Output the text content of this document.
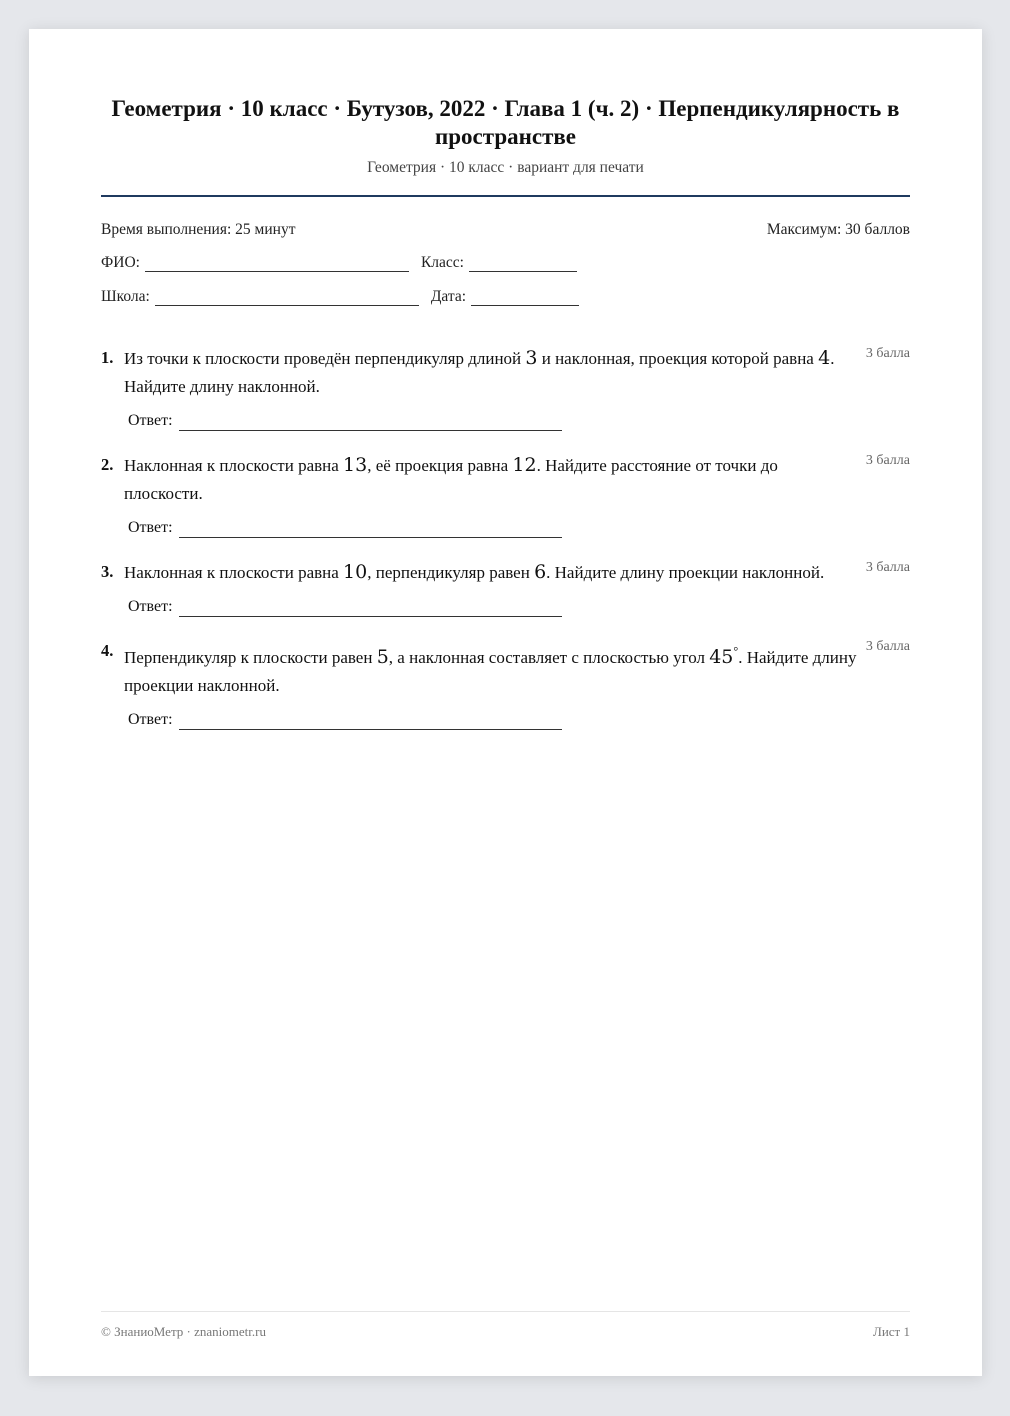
Геометрия · 10 класс · Бутузов, 2022 · Глава 1 (ч. 2) · Перпендикулярность в пространстве
Геометрия · 10 класс · вариант для печати
Время выполнения: 25 минут	Максимум: 30 баллов
ФИО:	Класс:
Школа:	Дата:
1. Из точки к плоскости проведён перпендикуляр длиной 3 и наклонная, проекция которой равна 4. Найдите длину наклонной.
3 балла
Ответ:
2. Наклонная к плоскости равна 13, её проекция равна 12. Найдите расстояние от точки до плоскости.
3 балла
Ответ:
3. Наклонная к плоскости равна 10, перпендикуляр равен 6. Найдите длину проекции наклонной.	3 балла
Ответ:
4. Перпендикуляр к плоскости равен 5, а наклонная составляет с плоскостью угол 45°. Найдите длину проекции наклонной.
3 балла
Ответ:
© ЗнаниоМетр · znaniometr.ru	Лист 1
